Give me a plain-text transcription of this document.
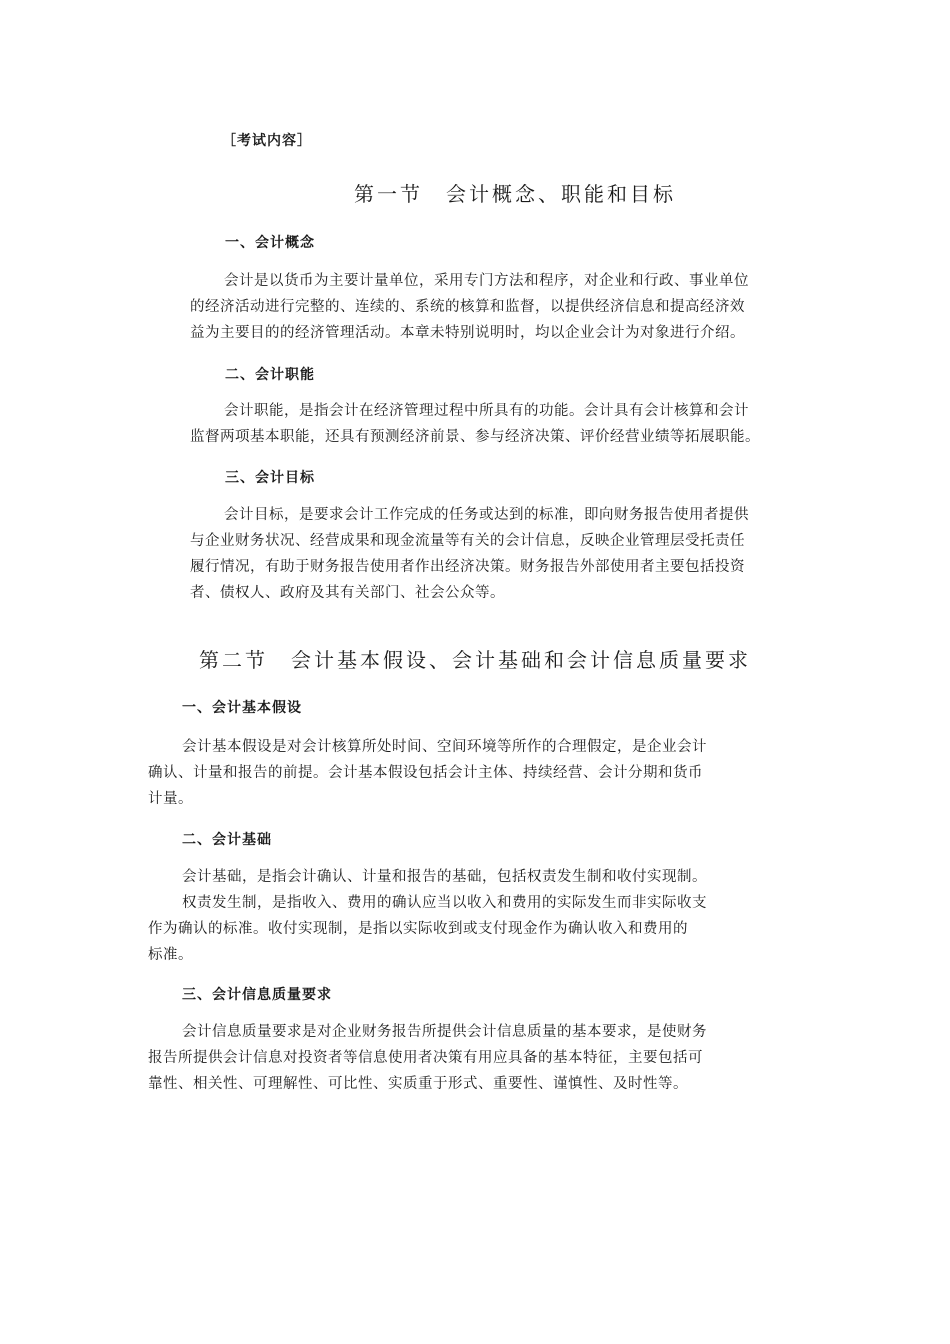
［考试内容］
第一节　会计概念、职能和目标
一、会计概念
会计是以货币为主要计量单位，采用专门方法和程序，对企业和行政、事业单位
的经济活动进行完整的、连续的、系统的核算和监督，以提供经济信息和提高经济效
益为主要目的的经济管理活动。本章未特别说明时，均以企业会计为对象进行介绍。
二、会计职能
会计职能，是指会计在经济管理过程中所具有的功能。会计具有会计核算和会计
监督两项基本职能，还具有预测经济前景、参与经济决策、评价经营业绩等拓展职能。
三、会计目标
会计目标，是要求会计工作完成的任务或达到的标准，即向财务报告使用者提供
与企业财务状况、经营成果和现金流量等有关的会计信息，反映企业管理层受托责任
履行情况，有助于财务报告使用者作出经济决策。财务报告外部使用者主要包括投资
者、债权人、政府及其有关部门、社会公众等。
第二节　会计基本假设、会计基础和会计信息质量要求
一、会计基本假设
会计基本假设是对会计核算所处时间、空间环境等所作的合理假定，是企业会计
确认、计量和报告的前提。会计基本假设包括会计主体、持续经营、会计分期和货币
计量。
二、会计基础
会计基础，是指会计确认、计量和报告的基础，包括权责发生制和收付实现制。
权责发生制，是指收入、费用的确认应当以收入和费用的实际发生而非实际收支
作为确认的标准。收付实现制，是指以实际收到或支付现金作为确认收入和费用的
标准。
三、会计信息质量要求
会计信息质量要求是对企业财务报告所提供会计信息质量的基本要求，是使财务
报告所提供会计信息对投资者等信息使用者决策有用应具备的基本特征，主要包括可
靠性、相关性、可理解性、可比性、实质重于形式、重要性、谨慎性、及时性等。
